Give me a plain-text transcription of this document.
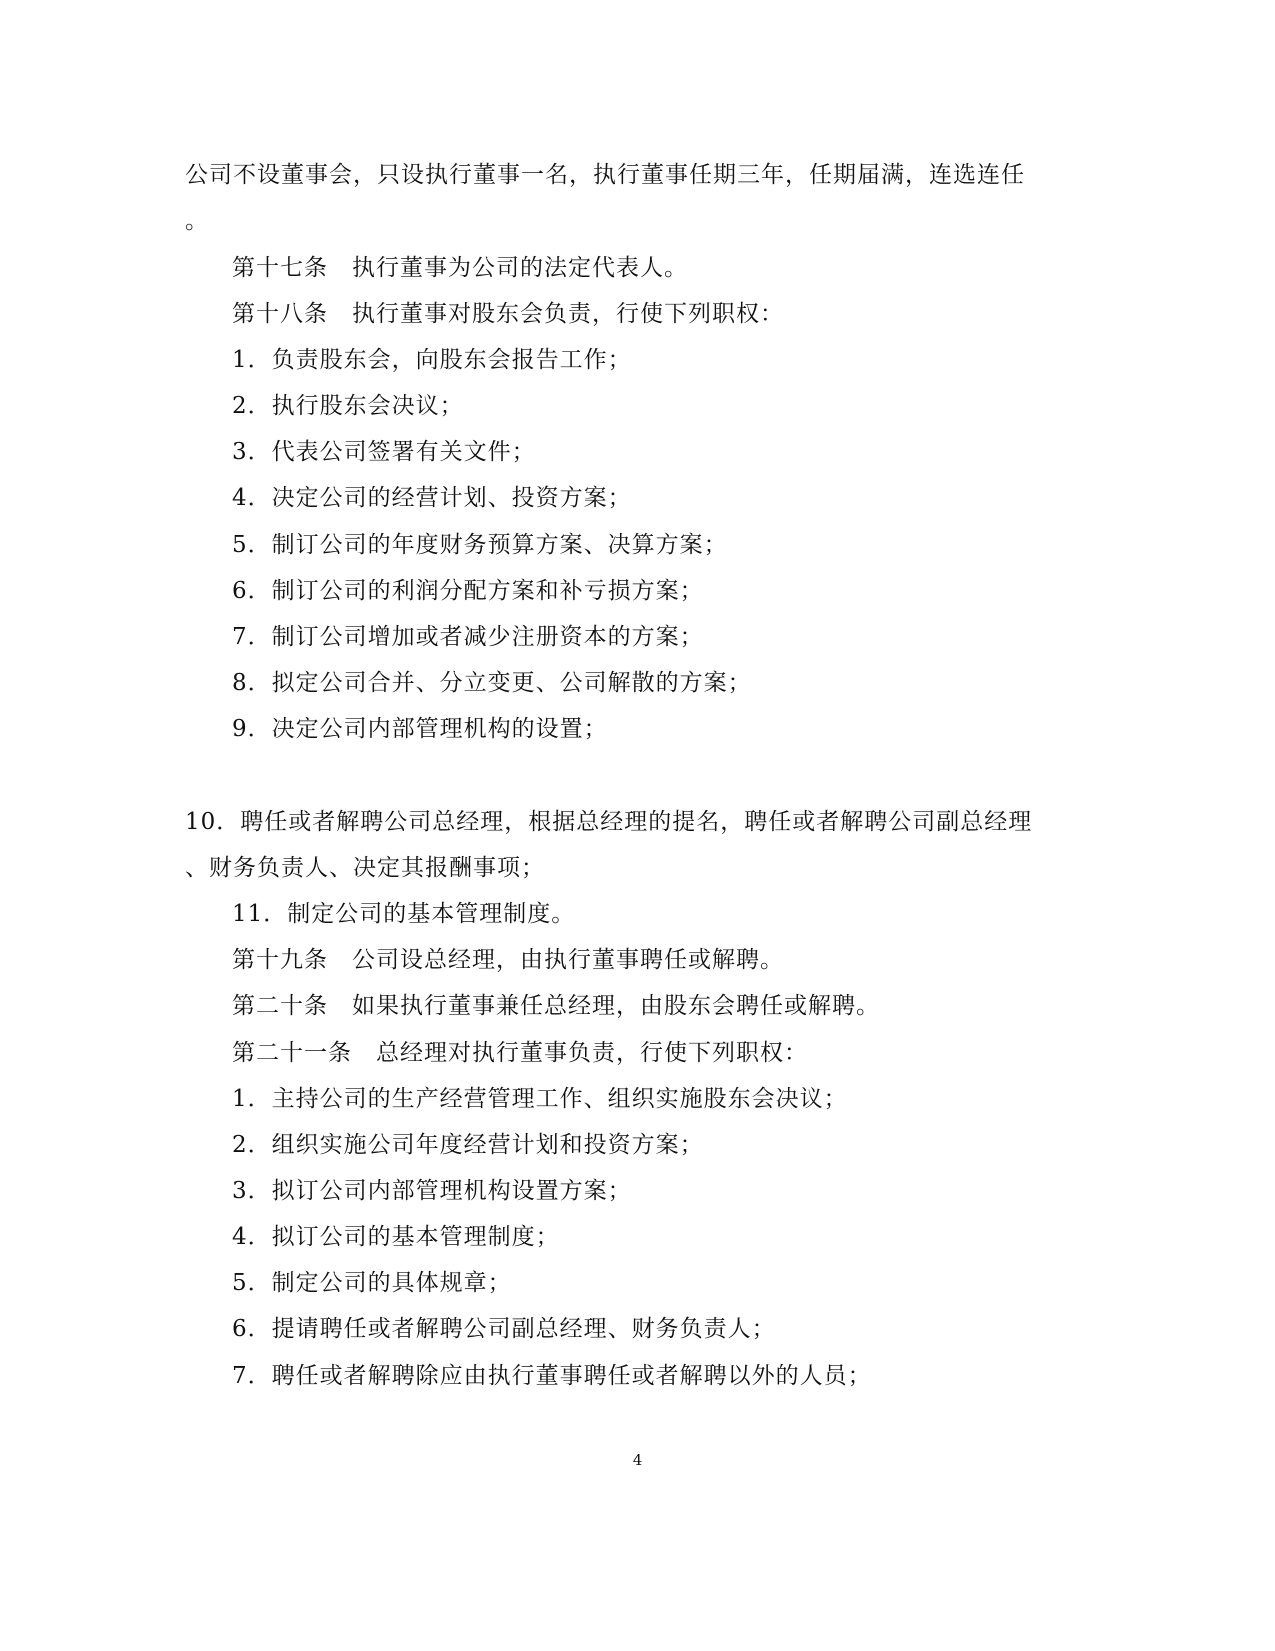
公司不设董事会，只设执行董事一名，执行董事任期三年，任期届满，连选连任
。
第十七条　执行董事为公司的法定代表人。
第十八条　执行董事对股东会负责，行使下列职权：
1．负责股东会，向股东会报告工作；
2．执行股东会决议；
3．代表公司签署有关文件；
4．决定公司的经营计划、投资方案；
5．制订公司的年度财务预算方案、决算方案；
6．制订公司的利润分配方案和补亏损方案；
7．制订公司增加或者减少注册资本的方案；
8．拟定公司合并、分立变更、公司解散的方案；
9．决定公司内部管理机构的设置；
10．聘任或者解聘公司总经理，根据总经理的提名，聘任或者解聘公司副总经理
、财务负责人、决定其报酬事项；
11．制定公司的基本管理制度。
第十九条　公司设总经理，由执行董事聘任或解聘。
第二十条　如果执行董事兼任总经理，由股东会聘任或解聘。
第二十一条　总经理对执行董事负责，行使下列职权：
1．主持公司的生产经营管理工作、组织实施股东会决议；
2．组织实施公司年度经营计划和投资方案；
3．拟订公司内部管理机构设置方案；
4．拟订公司的基本管理制度；
5．制定公司的具体规章；
6．提请聘任或者解聘公司副总经理、财务负责人；
7．聘任或者解聘除应由执行董事聘任或者解聘以外的人员；
4
